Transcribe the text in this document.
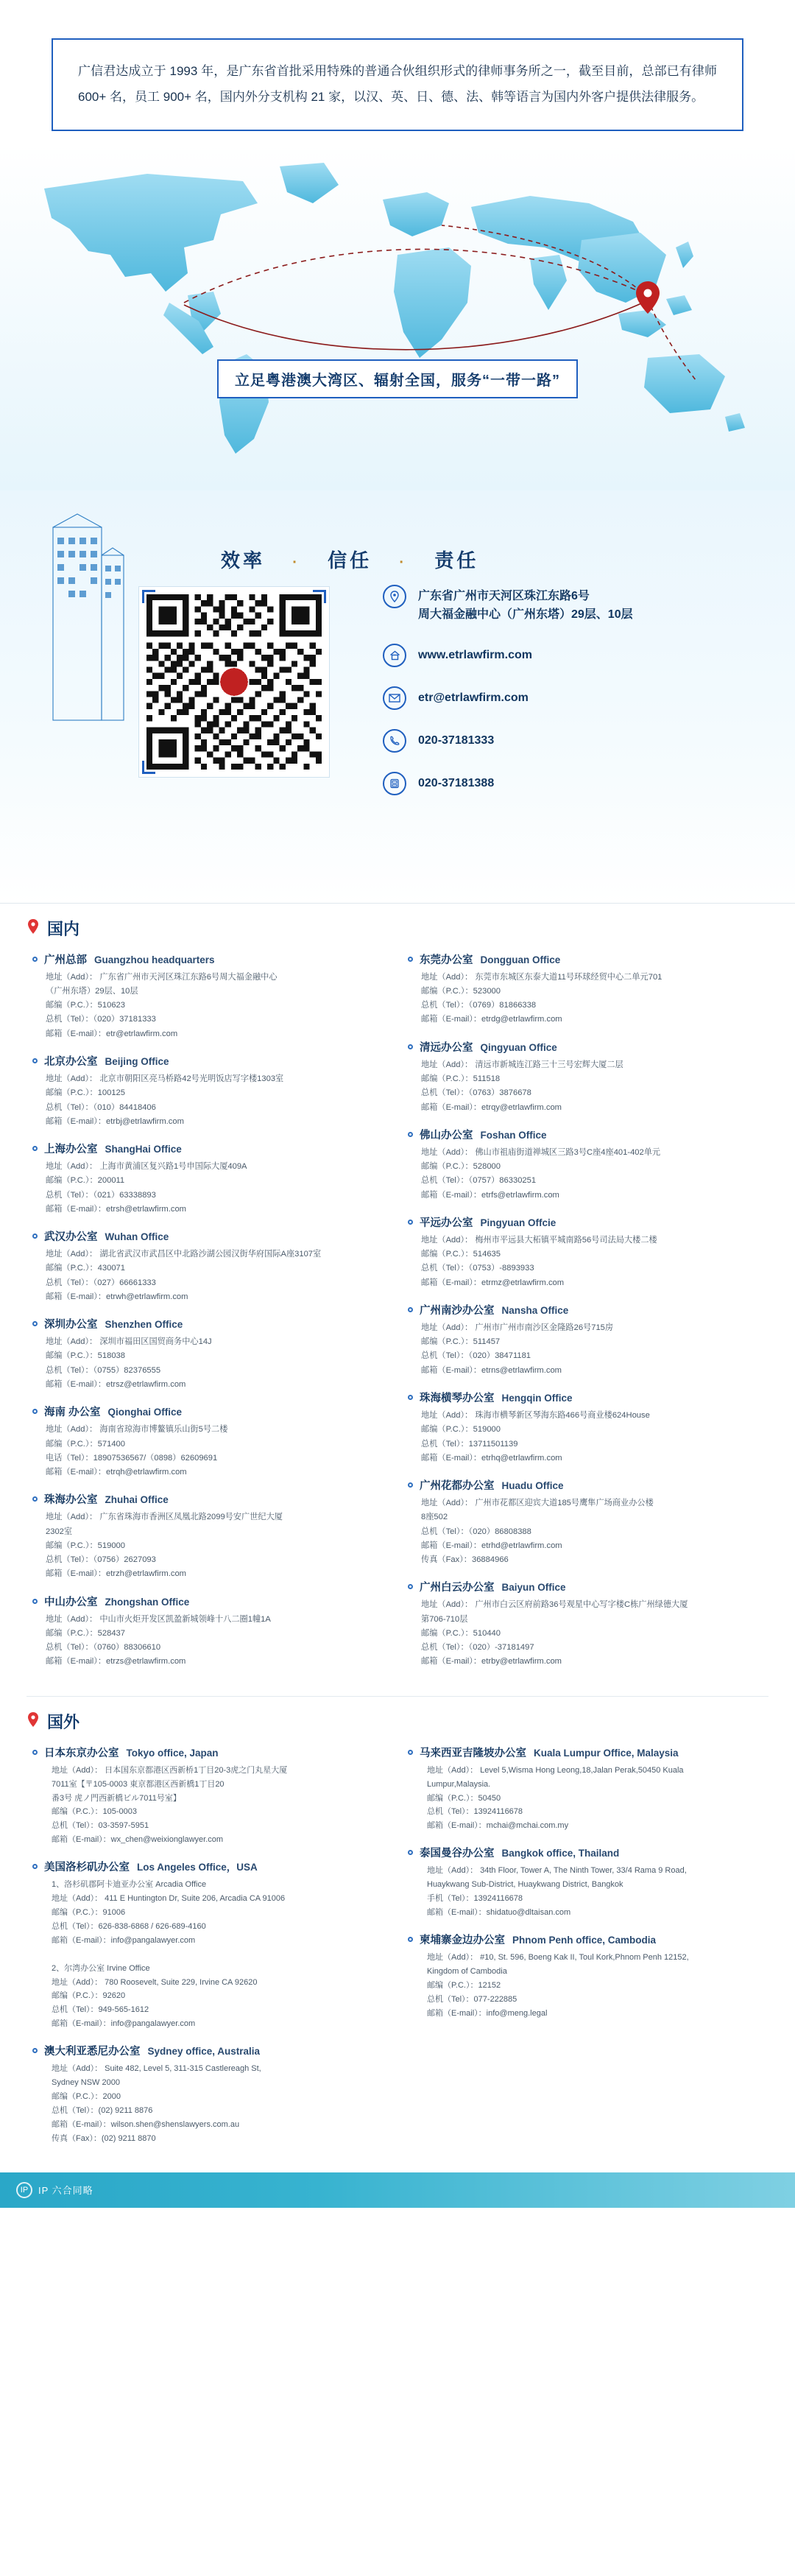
广信君达成立于 1993 年，是广东省首批采用特殊的普通合伙组织形式的律师事务所之一，截至目前，总部已有律师 600+ 名，员工 900+ 名，国内外分支机构 21 家，以汉、英、日、德、法、韩等语言为国内外客户提供法律服务。

立足粤港澳大湾区、辐射全国，服务“一带一路”
效率 · 信任 · 责任
广东省广州市天河区珠江东路6号
周大福金融中心（广州东塔）29层、10层
www.etrlawfirm.com
etr@etrlawfirm.com
020-37181333
020-37181388
国内
广州总部 Guangzhou headquarters
地址（Add）： 广东省广州市天河区珠江东路6号周大福金融中心
（广州东塔）29层、10层
邮编（P.C.）：510623
总机（Tel）：（020）37181333
邮箱（E-mail）：etr@etrlawfirm.com
北京办公室 Beijing Office
地址（Add）： 北京市朝阳区亮马桥路42号光明饭店写字楼1303室
邮编（P.C.）：100125
总机（Tel）：（010）84418406
邮箱（E-mail）：etrbj@etrlawfirm.com
上海办公室 ShangHai Office
地址（Add）： 上海市黄浦区复兴路1号申国际大厦409A
邮编（P.C.）：200011
总机（Tel）：（021）63338893
邮箱（E-mail）：etrsh@etrlawfirm.com
武汉办公室 Wuhan Office
地址（Add）： 湖北省武汉市武昌区中北路沙湖公园汉街华府国际A座3107室
邮编（P.C.）：430071
总机（Tel）：（027）66661333
邮箱（E-mail）：etrwh@etrlawfirm.com
深圳办公室 Shenzhen Office
地址（Add）： 深圳市福田区国贸商务中心14J
邮编（P.C.）：518038
总机（Tel）：（0755）82376555
邮箱（E-mail）：etrsz@etrlawfirm.com
海南 办公室 Qionghai Office
地址（Add）： 海南省琼海市博鳌镇乐山街5号二楼
邮编（P.C.）：571400
电话（Tel）：18907536567/（0898）62609691
邮箱（E-mail）：etrqh@etrlawfirm.com
珠海办公室 Zhuhai Office
地址（Add）： 广东省珠海市香洲区凤凰北路2099号安广世纪大厦
2302室
邮编（P.C.）：519000
总机（Tel）：（0756）2627093
邮箱（E-mail）：etrzh@etrlawfirm.com
中山办公室 Zhongshan Office
地址（Add）： 中山市火炬开发区凯盈新城领峰十八二圈1幢1A
邮编（P.C.）：528437
总机（Tel）：（0760）88306610
邮箱（E-mail）：etrzs@etrlawfirm.com
东莞办公室 Dongguan Office
地址（Add）： 东莞市东城区东泰大道11号环球经贸中心二单元701
邮编（P.C.）：523000
总机（Tel）：（0769）81866338
邮箱（E-mail）：etrdg@etrlawfirm.com
清远办公室 Qingyuan Office
地址（Add）： 清远市新城连江路三十三号宏辉大厦二层
邮编（P.C.）：511518
总机（Tel）：（0763）3876678
邮箱（E-mail）：etrqy@etrlawfirm.com
佛山办公室 Foshan Office
地址（Add）： 佛山市祖庙街道禅城区三路3号C座4座401-402单元
邮编（P.C.）：528000
总机（Tel）：（0757）86330251
邮箱（E-mail）：etrfs@etrlawfirm.com
平远办公室 Pingyuan Offcie
地址（Add）： 梅州市平远县大柘镇平城南路56号司法局大楼二楼
邮编（P.C.）：514635
总机（Tel）：（0753）-8893933
邮箱（E-mail）：etrmz@etrlawfirm.com
广州南沙办公室 Nansha Office
地址（Add）： 广州市广州市南沙区金隆路26号715房
邮编（P.C.）：511457
总机（Tel）：（020）38471181
邮箱（E-mail）：etrns@etrlawfirm.com
珠海横琴办公室 Hengqin Office
地址（Add）： 珠海市横琴新区琴海东路466号商业楼624House
邮编（P.C.）：519000
总机（Tel）：13711501139
邮箱（E-mail）：etrhq@etrlawfirm.com
广州花都办公室 Huadu Office
地址（Add）： 广州市花都区迎宾大道185号鹰隼广场商业办公楼
8座502
总机（Tel）：（020）86808388
邮箱（E-mail）：etrhd@etrlawfirm.com
传真（Fax）：36884966
广州白云办公室 Baiyun Office
地址（Add）： 广州市白云区府前路36号观星中心写字楼C栋广州绿德大厦
第706-710层
邮编（P.C.）：510440
总机（Tel）：（020）-37181497
邮箱（E-mail）：etrby@etrlawfirm.com
国外
日本东京办公室 Tokyo office, Japan
地址（Add）： 日本国东京都港区西新桥1丁目20-3虎之门丸星大厦
7011室【〒105-0003 東京都港区西新橋1丁目20
番3号 虎ノ門西新橋ビル7011号室】
邮编（P.C.）：105-0003
总机（Tel）：03-3597-5951
邮箱（E-mail）：wx_chen@weixionglawyer.com
美国洛杉矶办公室 Los Angeles Office，USA
1、洛杉矶郡阿卡迪亚办公室 Arcadia Office
地址（Add）： 411 E Huntington Dr, Suite 206, Arcadia CA 91006
邮编（P.C.）：91006
总机（Tel）：626-838-6868 / 626-689-4160
邮箱（E-mail）：info@pangalawyer.com

2、尔湾办公室 Irvine Office
地址（Add）： 780 Roosevelt, Suite 229, Irvine CA 92620
邮编（P.C.）：92620
总机（Tel）：949-565-1612
邮箱（E-mail）：info@pangalawyer.com
澳大利亚悉尼办公室 Sydney office, Australia
地址（Add）： Suite 482, Level 5, 311-315 Castlereagh St,
Sydney NSW 2000
邮编（P.C.）：2000
总机（Tel）：(02) 9211 8876
邮箱（E-mail）：wilson.shen@shenslawyers.com.au
传真（Fax）：(02) 9211 8870
马来西亚吉隆坡办公室 Kuala Lumpur Office, Malaysia
地址（Add）： Level 5,Wisma Hong Leong,18,Jalan Perak,50450 Kuala
Lumpur,Malaysia.
邮编（P.C.）：50450
总机（Tel）：13924116678
邮箱（E-mail）：mchai@mchai.com.my
泰国曼谷办公室 Bangkok office, Thailand
地址（Add）： 34th Floor, Tower A, The Ninth Tower, 33/4 Rama 9 Road,
Huaykwang Sub-District, Huaykwang District, Bangkok
手机（Tel）：13924116678
邮箱（E-mail）：shidatuo@dltaisan.com
柬埔寨金边办公室 Phnom Penh office, Cambodia
地址（Add）： #10, St. 596, Boeng Kak II, Toul Kork,Phnom Penh 12152,
Kingdom of Cambodia
邮编（P.C.）：12152
总机（Tel）：077-222885
邮箱（E-mail）：info@meng.legal
IP	IP 六合同略
